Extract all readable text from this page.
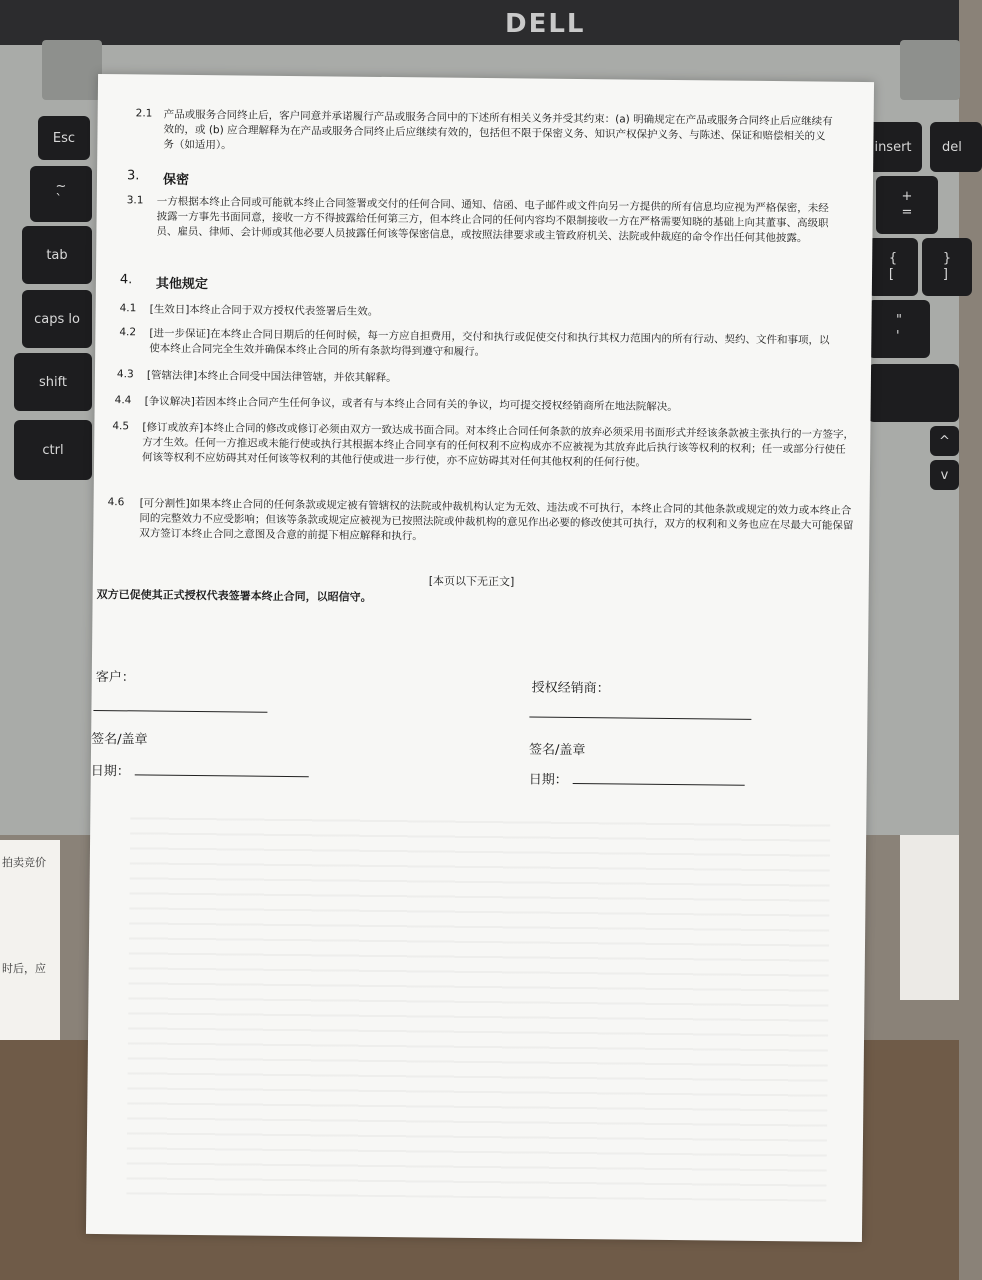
DELL
Esc
~
`
tab
caps lo
shift
ctrl
insert	del
+
=
{
[
}
]
"
'
^
v
拍卖竞价
时后，应
2.1 产品或服务合同终止后，客户同意并承诺履行产品或服务合同中的下述所有相关义务并受其约束：(a) 明确规定在产品或服务合同终止后应继续有效的，或 (b) 应合理解释为在产品或服务合同终止后应继续有效的，包括但不限于保密义务、知识产权保护义务、与陈述、保证和赔偿相关的义务（如适用）。
3. 保密
3.1 一方根据本终止合同或可能就本终止合同签署或交付的任何合同、通知、信函、电子邮件或文件向另一方提供的所有信息均应视为严格保密，未经披露一方事先书面同意，接收一方不得披露给任何第三方，但本终止合同的任何内容均不限制接收一方在严格需要知晓的基础上向其董事、高级职员、雇员、律师、会计师或其他必要人员披露任何该等保密信息，或按照法律要求或主管政府机关、法院或仲裁庭的命令作出任何其他披露。
4. 其他规定
4.1 [生效日]本终止合同于双方授权代表签署后生效。
4.2 [进一步保证]在本终止合同日期后的任何时候，每一方应自担费用，交付和执行或促使交付和执行其权力范围内的所有行动、契约、文件和事项，以使本终止合同完全生效并确保本终止合同的所有条款均得到遵守和履行。
4.3 [管辖法律]本终止合同受中国法律管辖，并依其解释。
4.4 [争议解决]若因本终止合同产生任何争议，或者有与本终止合同有关的争议，均可提交授权经销商所在地法院解决。
4.5 [修订或放弃]本终止合同的修改或修订必须由双方一致达成书面合同。对本终止合同任何条款的放弃必须采用书面形式并经该条款被主张执行的一方签字，方才生效。任何一方推迟或未能行使或执行其根据本终止合同享有的任何权利不应构成亦不应被视为其放弃此后执行该等权利的权利；任一或部分行使任何该等权利不应妨碍其对任何该等权利的其他行使或进一步行使，亦不应妨碍其对任何其他权利的任何行使。
4.6 [可分割性]如果本终止合同的任何条款或规定被有管辖权的法院或仲裁机构认定为无效、违法或不可执行，本终止合同的其他条款或规定的效力或本终止合同的完整效力不应受影响；但该等条款或规定应被视为已按照法院或仲裁机构的意见作出必要的修改使其可执行，双方的权利和义务也应在尽最大可能保留双方签订本终止合同之意图及合意的前提下相应解释和执行。
[本页以下无正文]
双方已促使其正式授权代表签署本终止合同，以昭信守。
客户：
签名/盖章
日期：
授权经销商：
签名/盖章
日期：
